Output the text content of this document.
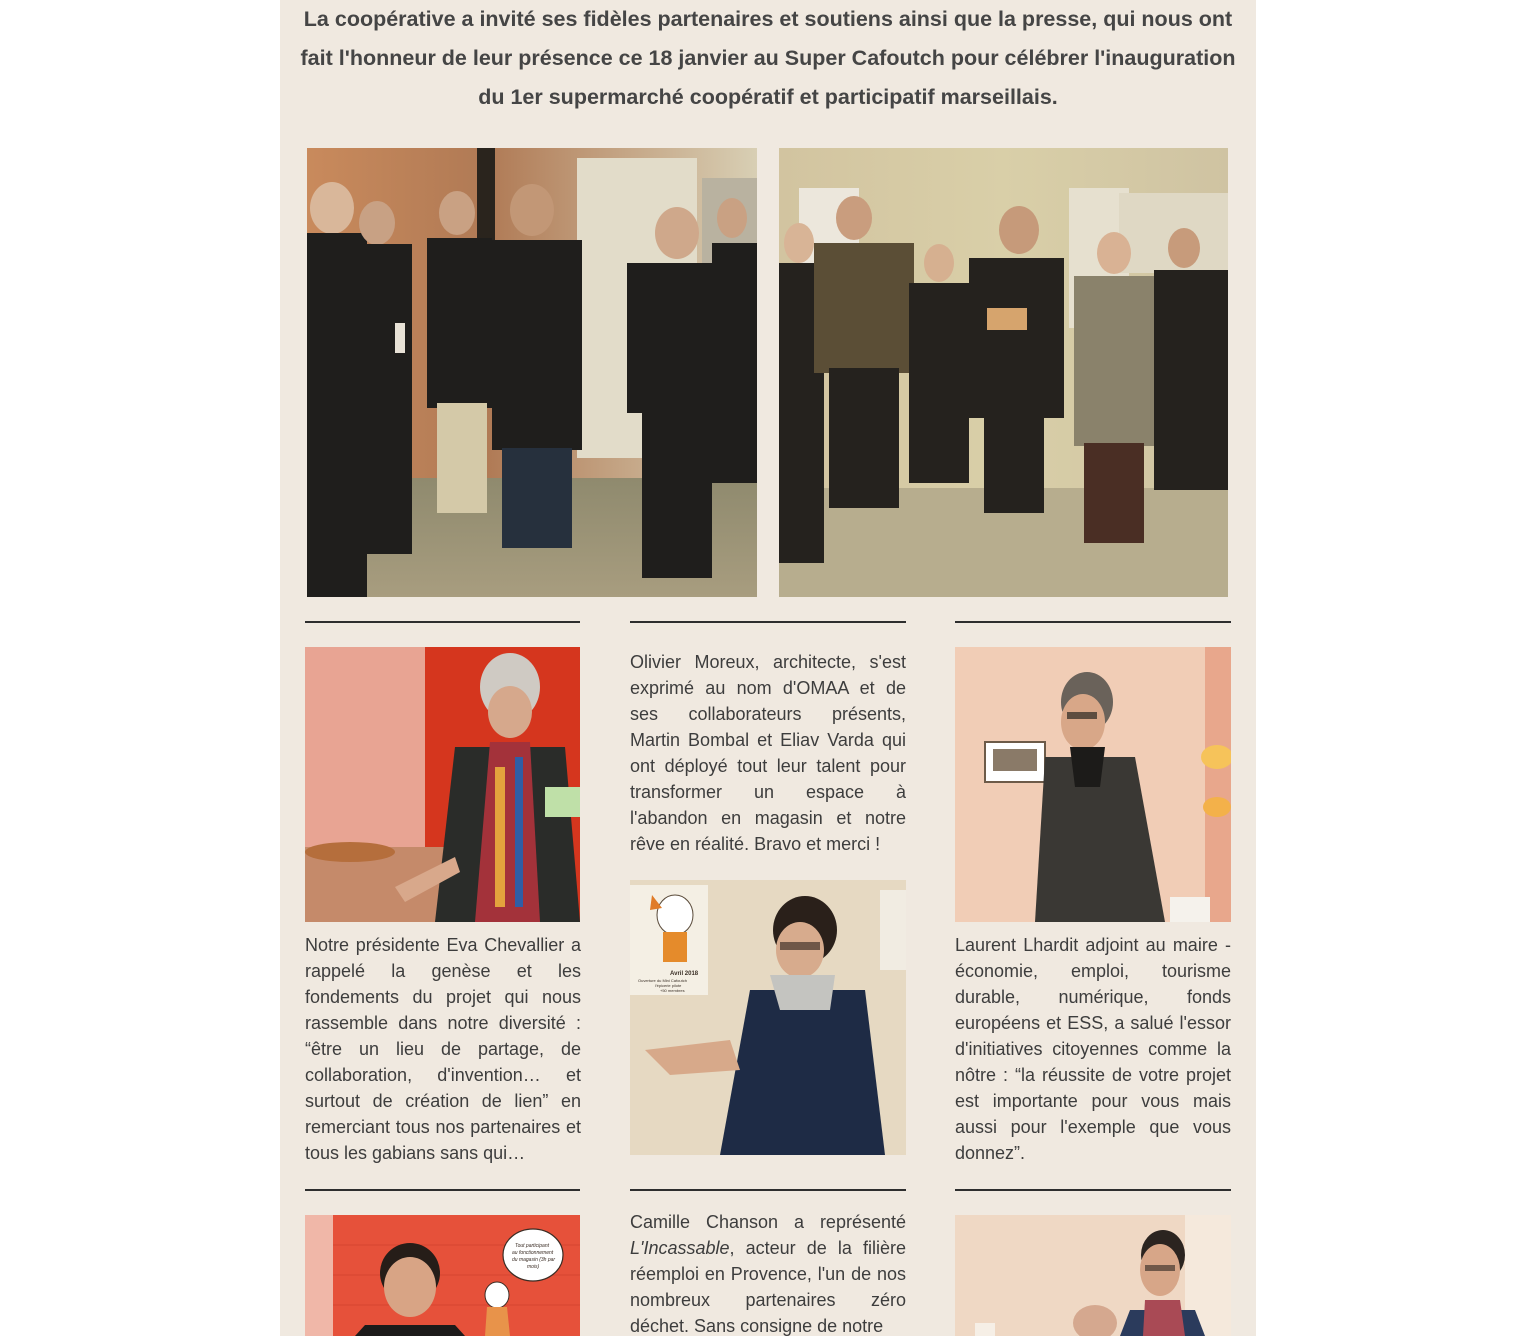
La coopérative a invité ses fidèles partenaires et soutiens ainsi que la presse, qui nous ont fait l'honneur de leur présence ce 18 janvier au Super Cafoutch pour célébrer l'inauguration du 1er supermarché coopératif et participatif marseillais.

Notre présidente Eva Chevallier a rappelé la genèse et les fondements du projet qui nous rassemble dans notre diversité : “être un lieu de partage, de collaboration, d'invention… et surtout de création de lien” en remerciant tous nos partenaires et tous les gabians sans qui…

Olivier Moreux, architecte, s'est exprimé au nom d'OMAA et de ses collaborateurs présents, Martin Bombal et Eliav Varda qui ont déployé tout leur talent pour transformer un espace à l'abandon en magasin et notre rêve en réalité. Bravo et merci !

Avril 2018
Ouverture du Mini Cafoutch
l'épicerie pilote
+50 membres

Laurent Lhardit adjoint au maire - économie, emploi, tourisme durable, numérique, fonds européens et ESS, a salué l'essor d'initiatives citoyennes comme la nôtre : “la réussite de votre projet est importante pour vous mais aussi pour l'exemple que vous donnez”.

Tout participant
au fonctionnement
du magasin (3h par
mois)

Camille Chanson a représenté L'Incassable, acteur de la filière réemploi en Provence, l'un de nos nombreux partenaires zéro déchet. Sans consigne de notre
